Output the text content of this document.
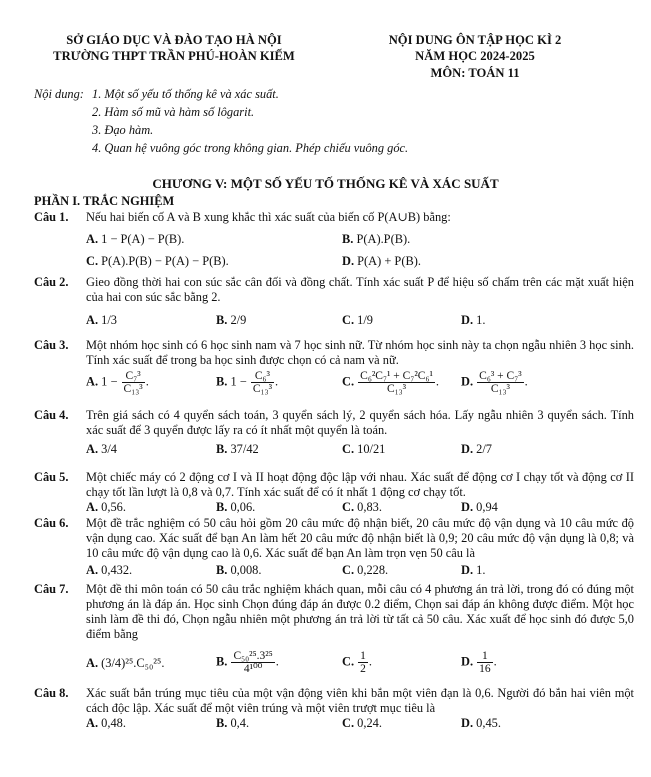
SỞ GIÁO DỤC VÀ ĐÀO TẠO HÀ NỘI
TRƯỜNG THPT TRẦN PHÚ-HOÀN KIẾM
NỘI DUNG ÔN TẬP HỌC KÌ 2
NĂM HỌC 2024-2025
MÔN: TOÁN 11
Nội dung: 1. Một số yếu tố thống kê và xác suất.
2. Hàm số mũ và hàm số lôgarit.
3. Đạo hàm.
4. Quan hệ vuông góc trong không gian. Phép chiếu vuông góc.
CHƯƠNG V: MỘT SỐ YẾU TỐ THỐNG KÊ VÀ XÁC SUẤT
PHẦN I. TRẮC NGHIỆM
Câu 1. Nếu hai biến cố A và B xung khắc thì xác suất của biến cố P(A∪B) bằng:
A. 1 − P(A) − P(B).	B. P(A).P(B).
C. P(A).P(B) − P(A) − P(B).	D. P(A) + P(B).
Câu 2. Gieo đồng thời hai con súc sắc cân đối và đồng chất. Tính xác suất P để hiệu số chấm trên các mặt xuất hiện của hai con súc sắc bằng 2.
A. 1/3	B. 2/9	C. 1/9	D. 1.
Câu 3. Một nhóm học sinh có 6 học sinh nam và 7 học sinh nữ. Từ nhóm học sinh này ta chọn ngẫu nhiên 3 học sinh. Tính xác suất để trong ba học sinh được chọn có cả nam và nữ.
A. $1 - \frac{\text{C₇³}}{\text{C₁₃³}}$ .	B. $1 - \frac{\text{C₆³}}{\text{C₁₃³}}$ .	C. $\frac{\text{C₆²C₇¹ + C₇²C₆¹}}{\text{C₁₃³}}$ . D. $\frac{\text{C₆³ + C₇³}}{\text{C₁₃³}}$ .
Câu 4. Trên giá sách có 4 quyển sách toán, 3 quyển sách lý, 2 quyển sách hóa. Lấy ngẫu nhiên 3 quyển sách. Tính xác suất để 3 quyển được lấy ra có ít nhất một quyển là toán.
A. 3/4	B. 37/42	C. 10/21	D. 2/7
Câu 5. Một chiếc máy có 2 động cơ I và II hoạt động độc lập với nhau. Xác suất để động cơ I chạy tốt và động cơ II chạy tốt lần lượt là 0,8 và 0,7. Tính xác suất để có ít nhất 1 động cơ chạy tốt.
A. 0,56.	B. 0,06.	C. 0,83.	D. 0,94
Câu 6. Một đề trắc nghiệm có 50 câu hỏi gồm 20 câu mức độ nhận biết, 20 câu mức độ vận dụng và 10 câu mức độ vận dụng cao. Xác suất để bạn An làm hết 20 câu mức độ nhận biết là 0,9; 20 câu mức độ vận dụng là 0,8; và 10 câu mức độ vận dụng cao là 0,6. Xác suất để bạn An làm trọn vẹn 50 câu là
A. 0,432.	B. 0,008.	C. 0,228.	D. 1.
Câu 7. Một đề thi môn toán có 50 câu trắc nghiệm khách quan, mỗi câu có 4 phương án trả lời, trong đó có đúng một phương án là đáp án. Học sinh Chọn đúng đáp án được 0.2 điểm, Chọn sai đáp án không được điểm. Một học sinh làm đề thi đó, Chọn ngẫu nhiên một phương án trả lời từ tất cả 50 câu. Xác xuất để học sinh đó được 5,0 điểm bằng
A. (3/4)²⁵.C₅₀²⁵.	B. $\frac{\text{C₅₀²⁵.3²⁵}}{\text{4¹⁰⁰}}$ .	C. $\frac{1}{2}$ .	D. $\frac{1}{16}$ .
Câu 8. Xác suất bắn trúng mục tiêu của một vận động viên khi bắn một viên đạn là 0,6. Người đó bắn hai viên một cách độc lập. Xác suất để một viên trúng và một viên trượt mục tiêu là
A. 0,48.	B. 0,4.	C. 0,24.	D. 0,45.
